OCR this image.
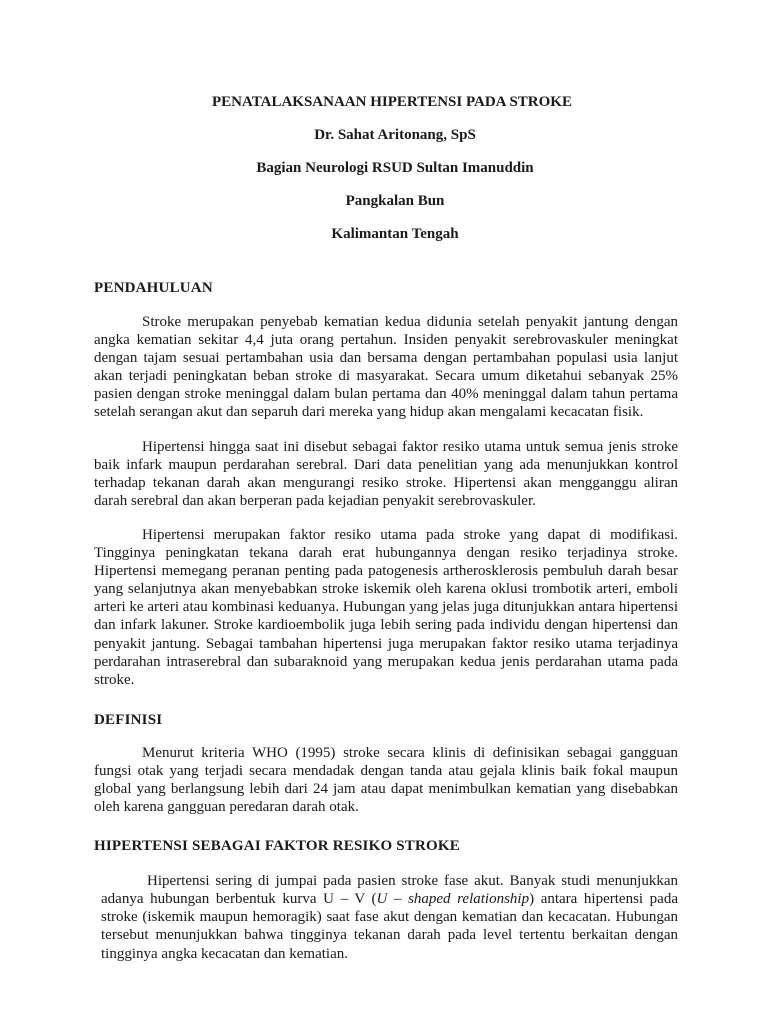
PENATALAKSANAAN HIPERTENSI PADA STROKE
Dr. Sahat Aritonang, SpS
Bagian Neurologi RSUD Sultan Imanuddin
Pangkalan Bun
Kalimantan Tengah
PENDAHULUAN

Stroke merupakan penyebab kematian kedua didunia setelah penyakit jantung dengan angka kematian sekitar 4,4 juta orang pertahun. Insiden penyakit serebrovaskuler meningkat dengan tajam sesuai pertambahan usia dan bersama dengan pertambahan populasi usia lanjut akan terjadi peningkatan beban stroke di masyarakat. Secara umum diketahui sebanyak 25% pasien dengan stroke meninggal dalam bulan pertama dan 40% meninggal dalam tahun pertama setelah serangan akut dan separuh dari mereka yang hidup akan mengalami kecacatan fisik.

Hipertensi hingga saat ini disebut sebagai faktor resiko utama untuk semua jenis stroke baik infark maupun perdarahan serebral. Dari data penelitian yang ada menunjukkan kontrol terhadap tekanan darah akan mengurangi resiko stroke. Hipertensi akan mengganggu aliran darah serebral dan akan berperan pada kejadian penyakit serebrovaskuler.

Hipertensi merupakan faktor resiko utama pada stroke yang dapat di modifikasi. Tingginya peningkatan tekana darah erat hubungannya dengan resiko terjadinya stroke. Hipertensi memegang peranan penting pada patogenesis artherosklerosis pembuluh darah besar yang selanjutnya akan menyebabkan stroke iskemik oleh karena oklusi trombotik arteri, emboli arteri ke arteri atau kombinasi keduanya. Hubungan yang jelas juga ditunjukkan antara hipertensi dan infark lakuner. Stroke kardioembolik juga lebih sering pada individu dengan hipertensi dan penyakit jantung. Sebagai tambahan hipertensi juga merupakan faktor resiko utama terjadinya perdarahan intraserebral dan subaraknoid yang merupakan kedua jenis perdarahan utama pada stroke.

DEFINISI

Menurut kriteria WHO (1995) stroke secara klinis di definisikan sebagai gangguan fungsi otak yang terjadi secara mendadak dengan tanda atau gejala klinis baik fokal maupun global yang berlangsung lebih dari 24 jam atau dapat menimbulkan kematian yang disebabkan oleh karena gangguan peredaran darah otak.

HIPERTENSI SEBAGAI FAKTOR RESIKO STROKE

Hipertensi sering di jumpai pada pasien stroke fase akut. Banyak studi menunjukkan adanya hubungan berbentuk kurva U – V (U – shaped relationship) antara hipertensi pada stroke (iskemik maupun hemoragik) saat fase akut dengan kematian dan kecacatan. Hubungan tersebut menunjukkan bahwa tingginya tekanan darah pada level tertentu berkaitan dengan tingginya angka kecacatan dan kematian.
